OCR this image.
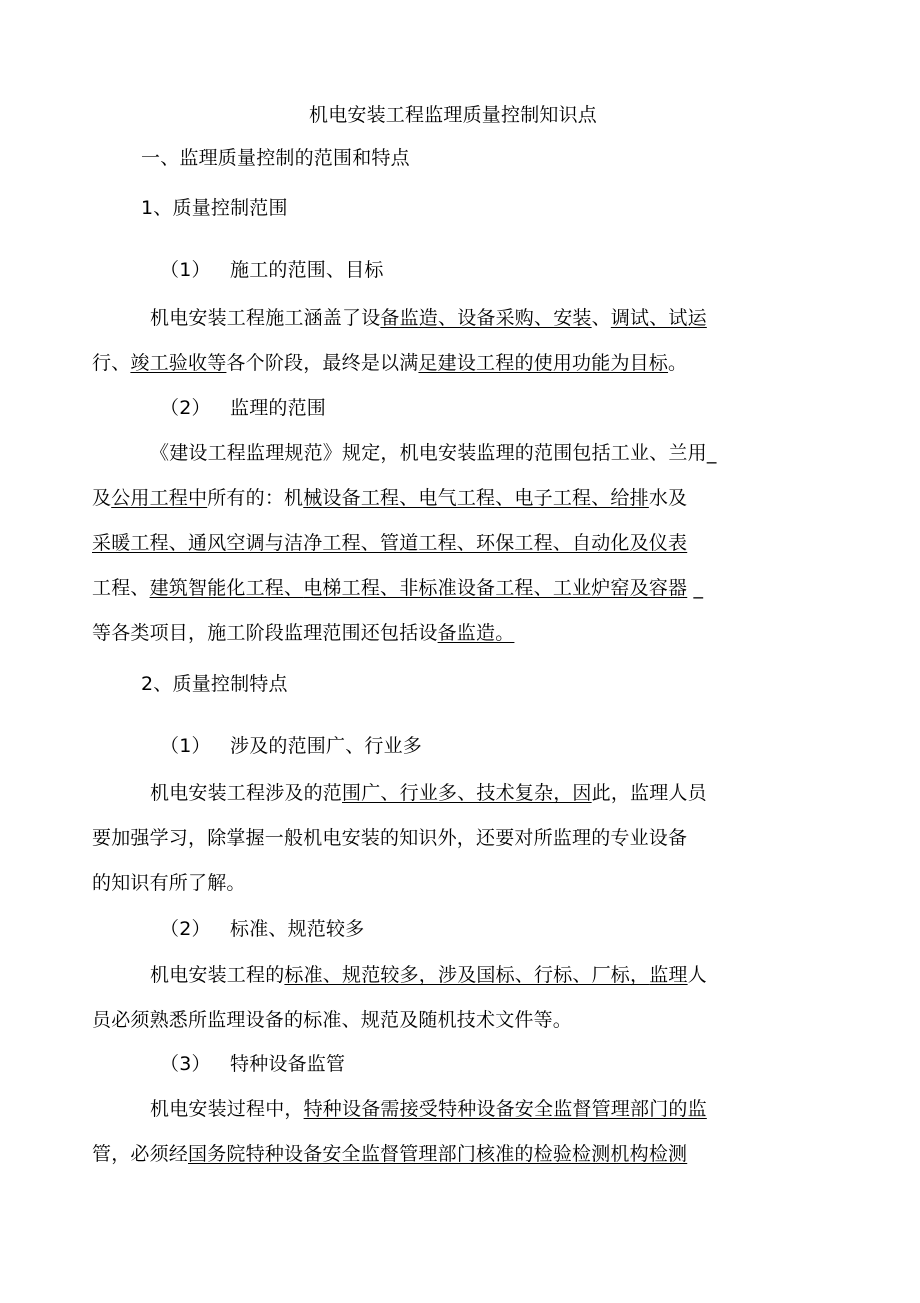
机电安装工程监理质量控制知识点
一、监理质量控制的范围和特点
1、质量控制范围
（1） 施工的范围、目标
机电安装工程施工涵盖了设备监造、设备采购、安装、调试、试运
行、竣工验收等各个阶段，最终是以满足建设工程的使用功能为目标。
（2） 监理的范围
《建设工程监理规范》规定，机电安装监理的范围包括工业、兰用_
及公用工程中所有的：机械设备工程、电气工程、电子工程、给排水及
采暖工程、通风空调与洁净工程、管道工程、环保工程、自动化及仪表
工程、建筑智能化工程、电梯工程、非标准设备工程、工业炉窑及容器 _
等各类项目，施工阶段监理范围还包括设备监造。
2、质量控制特点
（1） 涉及的范围广、行业多
机电安装工程涉及的范围广、行业多、技术复杂，因此，监理人员
要加强学习，除掌握一般机电安装的知识外，还要对所监理的专业设备
的知识有所了解。
（2） 标准、规范较多
机电安装工程的标准、规范较多，涉及国标、行标、厂标，监理人
员必须熟悉所监理设备的标准、规范及随机技术文件等。
（3） 特种设备监管
机电安装过程中，特种设备需接受特种设备安全监督管理部门的监
管，必须经国务院特种设备安全监督管理部门核准的检验检测机构检测
